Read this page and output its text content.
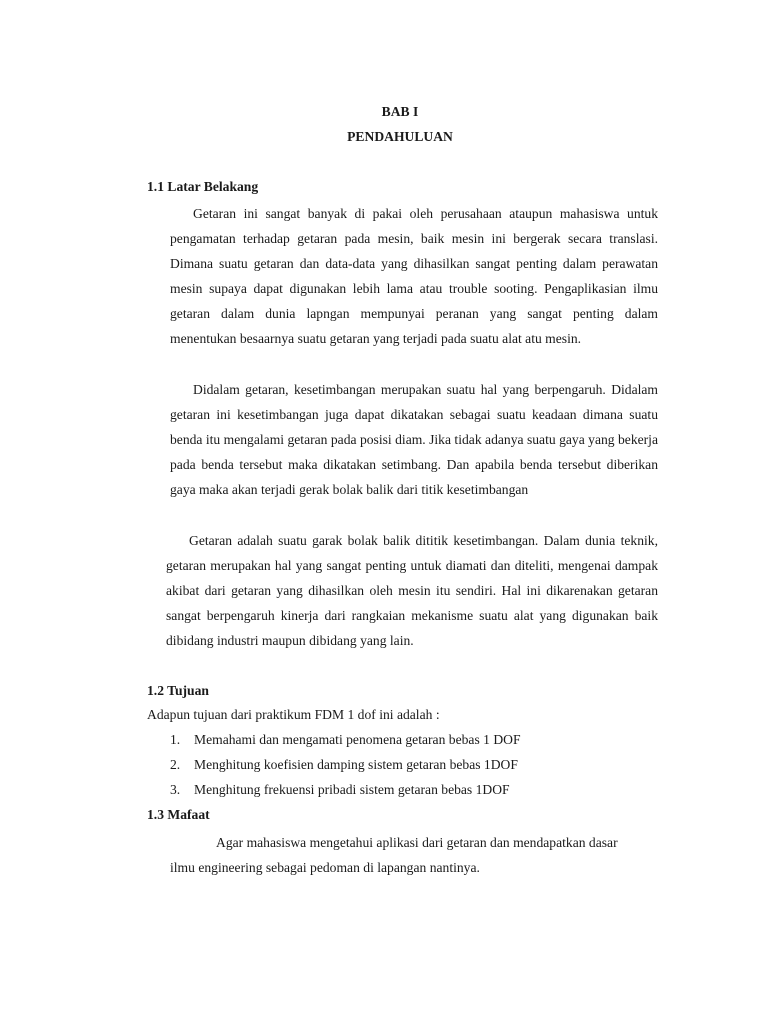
BAB I
PENDAHULUAN
1.1 Latar Belakang

Getaran ini sangat banyak di pakai oleh perusahaan ataupun mahasiswa untuk pengamatan terhadap getaran pada mesin, baik mesin ini bergerak secara translasi. Dimana suatu getaran dan data-data yang dihasilkan sangat penting dalam perawatan mesin supaya dapat digunakan lebih lama atau trouble sooting. Pengaplikasian ilmu getaran dalam dunia lapngan mempunyai peranan yang sangat penting dalam menentukan besaarnya suatu getaran yang terjadi pada suatu alat atu mesin.

Didalam getaran, kesetimbangan merupakan suatu hal yang berpengaruh. Didalam getaran ini kesetimbangan juga dapat dikatakan sebagai suatu keadaan dimana suatu benda itu mengalami getaran pada posisi diam. Jika tidak adanya suatu gaya yang bekerja pada benda tersebut maka dikatakan setimbang. Dan apabila benda tersebut diberikan gaya maka akan terjadi gerak bolak balik dari titik kesetimbangan

Getaran adalah suatu garak bolak balik dititik kesetimbangan. Dalam dunia teknik, getaran merupakan hal yang sangat penting untuk diamati dan diteliti, mengenai dampak akibat dari getaran yang dihasilkan oleh mesin itu sendiri. Hal ini dikarenakan getaran sangat berpengaruh kinerja dari rangkaian mekanisme suatu alat yang digunakan baik dibidang industri maupun dibidang yang lain.

1.2 Tujuan

Adapun tujuan dari praktikum FDM 1 dof ini adalah :

1. Memahami dan mengamati penomena getaran bebas 1 DOF

2. Menghitung koefisien damping sistem getaran bebas 1DOF

3. Menghitung frekuensi pribadi sistem getaran bebas 1DOF

1.3 Mafaat

Agar mahasiswa mengetahui aplikasi dari getaran dan mendapatkan dasar ilmu engineering sebagai pedoman di lapangan nantinya.
